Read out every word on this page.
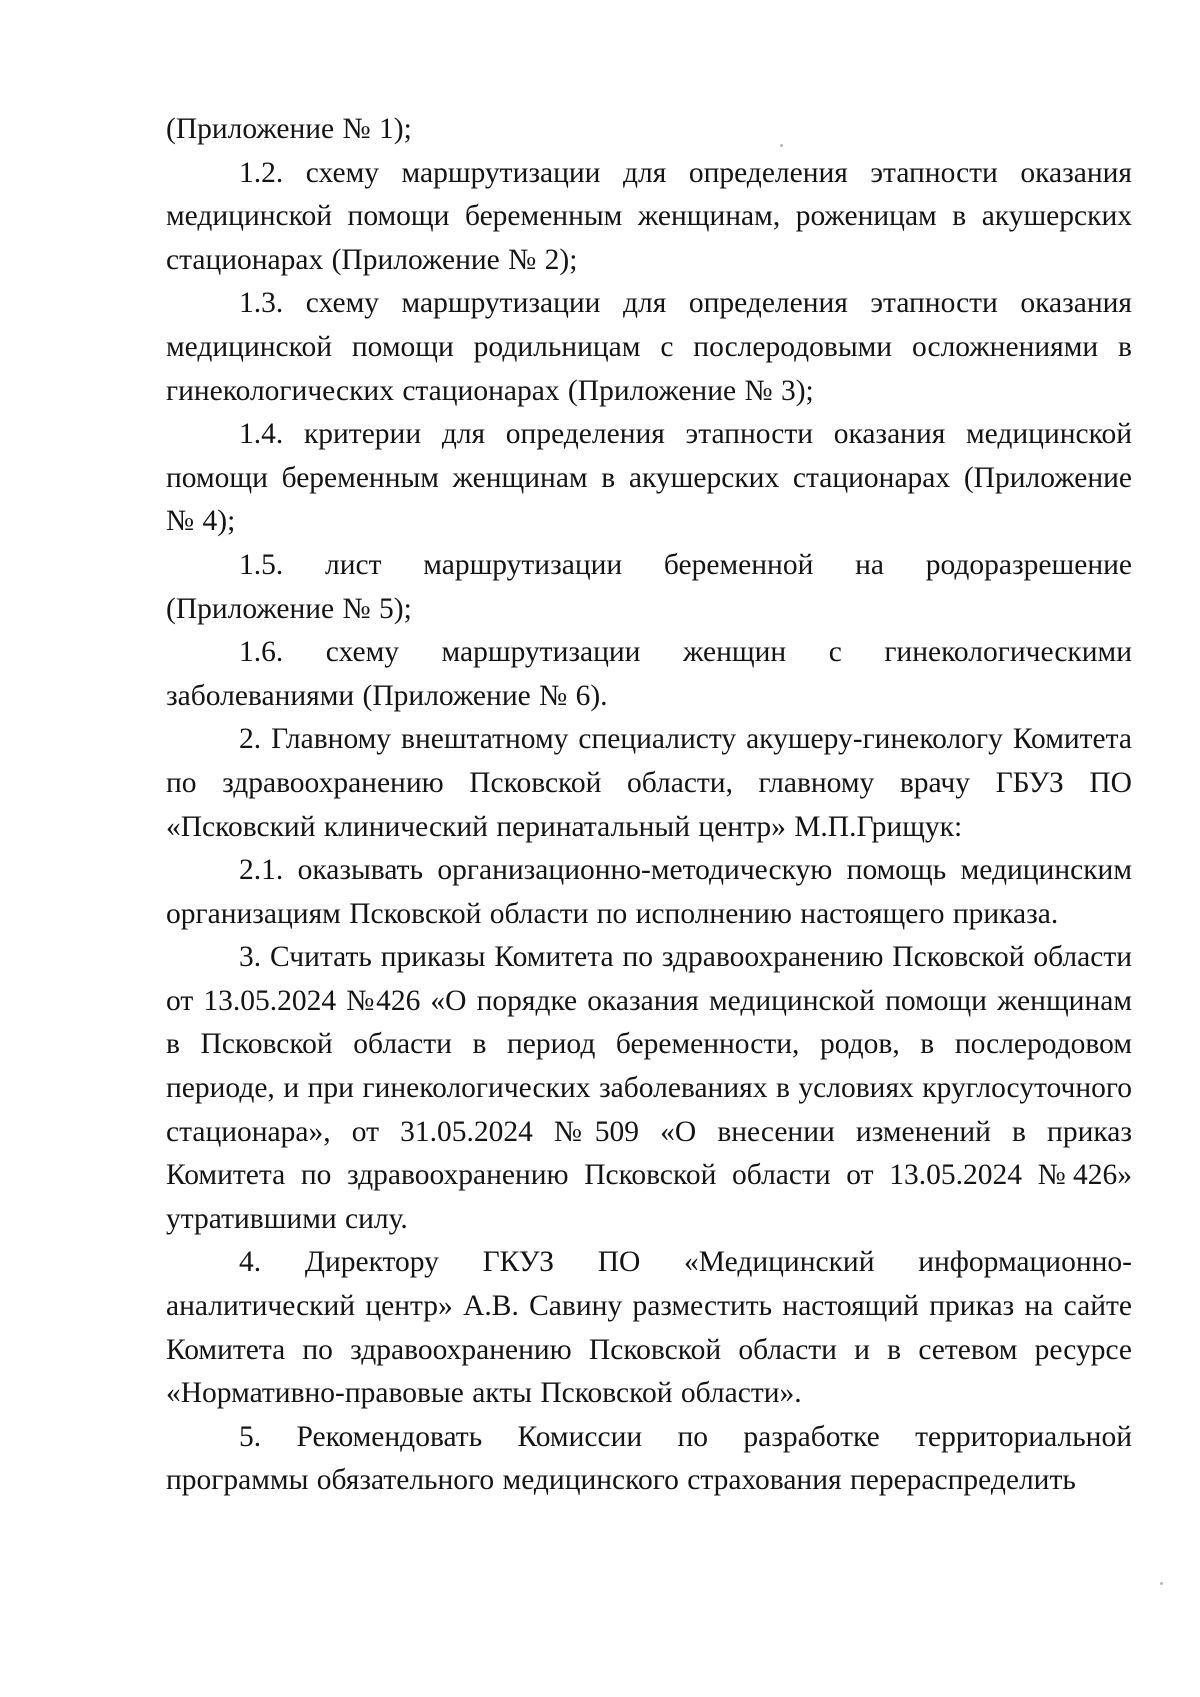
(Приложение № 1);

1.2. схему маршрутизации для определения этапности оказания медицинской помощи беременным женщинам, роженицам в акушерских стационарах (Приложение № 2);

1.3. схему маршрутизации для определения этапности оказания медицинской помощи родильницам с послеродовыми осложнениями в гинекологических стационарах (Приложение № 3);

1.4. критерии для определения этапности оказания медицинской помощи беременным женщинам в акушерских стационарах (Приложение № 4);

1.5. лист маршрутизации беременной на родоразрешение (Приложение № 5);

1.6. схему маршрутизации женщин с гинекологическими заболеваниями (Приложение № 6).

2. Главному внештатному специалисту акушеру-гинекологу Комитета по здравоохранению Псковской области, главному врачу ГБУЗ ПО «Псковский клинический перинатальный центр» М.П.Грищук:

2.1. оказывать организационно-методическую помощь медицинским организациям Псковской области по исполнению настоящего приказа.

3. Считать приказы Комитета по здравоохранению Псковской области от 13.05.2024 №426 «О порядке оказания медицинской помощи женщинам в Псковской области в период беременности, родов, в послеродовом периоде, и при гинекологических заболеваниях в условиях круглосуточного стационара», от 31.05.2024 №509 «О внесении изменений в приказ Комитета по здравоохранению Псковской области от 13.05.2024 №426» утратившими силу.

4. Директору ГКУЗ ПО «Медицинский информационно-аналитический центр» А.В. Савину разместить настоящий приказ на сайте Комитета по здравоохранению Псковской области и в сетевом ресурсе «Нормативно-правовые акты Псковской области».

5. Рекомендовать Комиссии по разработке территориальной программы обязательного медицинского страхования перераспределить
